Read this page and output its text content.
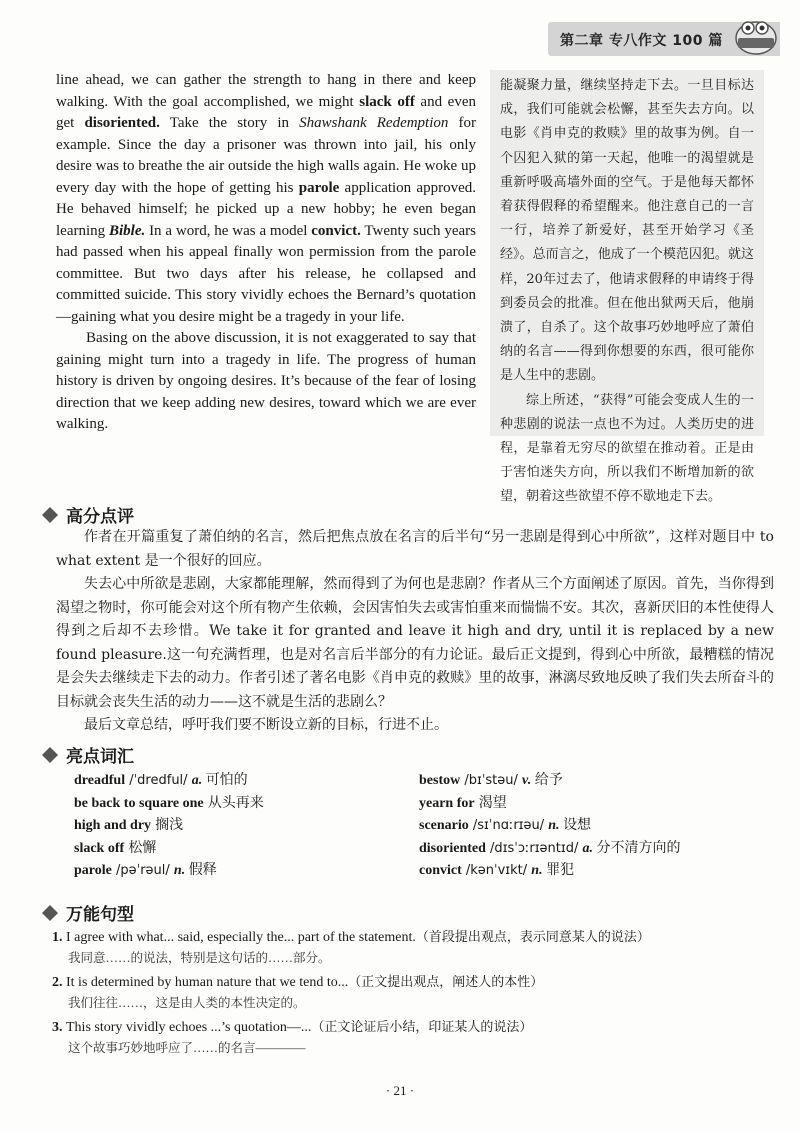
第二章 专八作文 100 篇

line ahead, we can gather the strength to hang in there and keep walking. With the goal accomplished, we might slack off and even get disoriented. Take the story in Shawshank Redemption for example. Since the day a prisoner was thrown into jail, his only desire was to breathe the air outside the high walls again. He woke up every day with the hope of getting his parole application approved. He behaved himself; he picked up a new hobby; he even began learning Bible. In a word, he was a model convict. Twenty such years had passed when his appeal finally won permission from the parole committee. But two days after his release, he collapsed and committed suicide. This story vividly echoes the Bernard’s quotation—gaining what you desire might be a tragedy in your life.

Basing on the above discussion, it is not exaggerated to say that gaining might turn into a tragedy in life. The progress of human history is driven by ongoing desires. It’s because of the fear of losing direction that we keep adding new desires, toward which we are ever walking.

能凝聚力量，继续坚持走下去。一旦目标达成，我们可能就会松懈，甚至失去方向。以电影《肖申克的救赎》里的故事为例。自一个囚犯入狱的第一天起，他唯一的渴望就是重新呼吸高墙外面的空气。于是他每天都怀着获得假释的希望醒来。他注意自己的一言一行，培养了新爱好，甚至开始学习《圣经》。总而言之，他成了一个模范囚犯。就这样，20年过去了，他请求假释的申请终于得到委员会的批准。但在他出狱两天后，他崩溃了，自杀了。这个故事巧妙地呼应了萧伯纳的名言——得到你想要的东西，很可能你是人生中的悲剧。

综上所述，“获得”可能会变成人生的一种悲剧的说法一点也不为过。人类历史的进程，是靠着无穷尽的欲望在推动着。正是由于害怕迷失方向，所以我们不断增加新的欲望，朝着这些欲望不停不歇地走下去。

高分点评

作者在开篇重复了萧伯纳的名言，然后把焦点放在名言的后半句“另一悲剧是得到心中所欲”，这样对题目中 to what extent 是一个很好的回应。

失去心中所欲是悲剧，大家都能理解，然而得到了为何也是悲剧？作者从三个方面阐述了原因。首先，当你得到渴望之物时，你可能会对这个所有物产生依赖，会因害怕失去或害怕重来而惴惴不安。其次，喜新厌旧的本性使得人得到之后却不去珍惜。We take it for granted and leave it high and dry, until it is replaced by a new found pleasure.这一句充满哲理，也是对名言后半部分的有力论证。最后正文提到，得到心中所欲，最糟糕的情况是会失去继续走下去的动力。作者引述了著名电影《肖申克的救赎》里的故事，淋漓尽致地反映了我们失去所奋斗的目标就会丧失生活的动力——这不就是生活的悲剧么？

最后文章总结，呼吁我们要不断设立新的目标，行进不止。

亮点词汇
dreadful /ˈdredful/ a. 可怕的	bestow /bɪˈstəu/ v. 给予
be back to square one 从头再来	yearn for 渴望
high and dry 搁浅	scenario /sɪˈnɑːrɪəu/ n. 设想
slack off 松懈	disoriented /dɪsˈɔːrɪəntɪd/ a. 分不清方向的
parole /pəˈrəul/ n. 假释	convict /kənˈvɪkt/ n. 罪犯
万能句型
1. I agree with what... said, especially the... part of the statement.（首段提出观点，表示同意某人的说法）
我同意……的说法，特别是这句话的……部分。
2. It is determined by human nature that we tend to...（正文提出观点，阐述人的本性）
我们往往……，这是由人类的本性决定的。
3. This story vividly echoes ...’s quotation—...（正文论证后小结，印证某人的说法）
这个故事巧妙地呼应了……的名言————
· 21 ·
